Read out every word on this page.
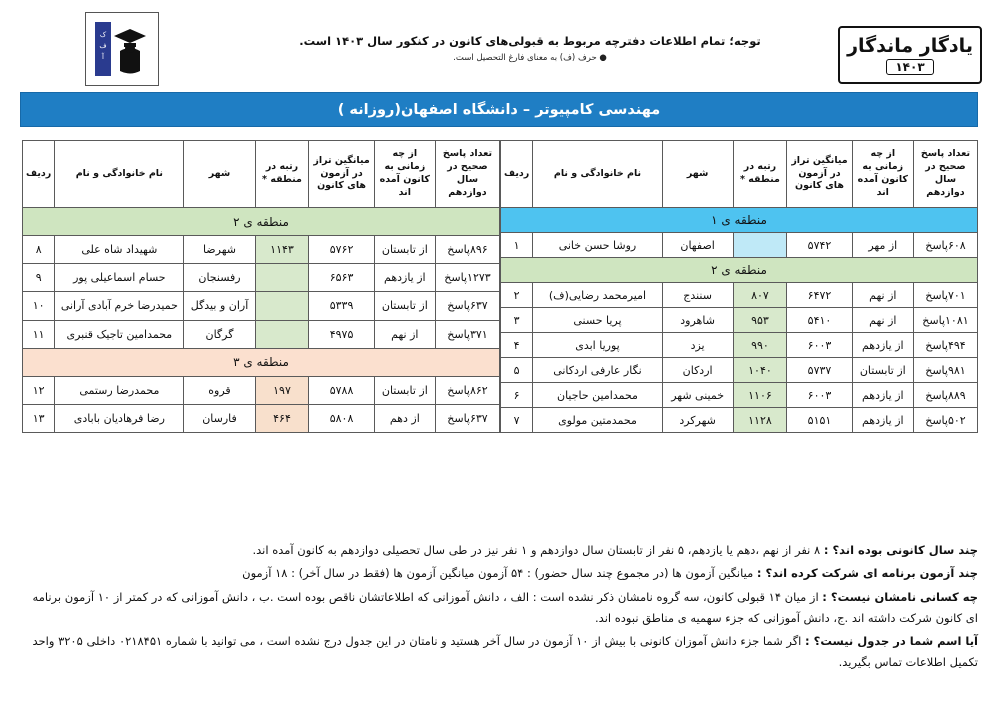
ک
ف
آ
توجه؛ تمام اطلاعات دفترچه مربوط به قبولی‌های کانون در کنکور سال ۱۴۰۳ است.
● حرف (ف) به معنای فارغ التحصیل است.
یادگار ماندگار
۱۴۰۳
مهندسی کامپیوتر – دانشگاه اصفهان(روزانه )
تعداد پاسخ صحیح در سال دوازدهم	از چه زمانی به کانون آمده اند	میانگین تراز در آزمون های کانون	رتبه در منطقه *	شهر	نام خانوادگی و نام	ردیف
منطقه ی ۱						
۶۰۸پاسخ	از مهر	۵۷۴۲		اصفهان	روشا حسن خانی	۱
منطقه ی ۲						
۷۰۱پاسخ	از نهم	۶۴۷۲	۸۰۷	سنندج	امیرمحمد رضایی(ف)	۲
۱۰۸۱پاسخ	از نهم	۵۴۱۰	۹۵۳	شاهرود	پریا حسنی	۳
۴۹۴پاسخ	از یازدهم	۶۰۰۳	۹۹۰	یزد	پوریا ابدی	۴
۹۸۱پاسخ	از تابستان	۵۷۳۷	۱۰۴۰	اردکان	نگار عارفی اردکانی	۵
۸۸۹پاسخ	از یازدهم	۶۰۰۳	۱۱۰۶	خمینی شهر	محمدامین حاجیان	۶
۵۰۲پاسخ	از یازدهم	۵۱۵۱	۱۱۲۸	شهرکرد	محمدمتین مولوی	۷
تعداد پاسخ صحیح در سال دوازدهم	از چه زمانی به کانون آمده اند	میانگین تراز در آزمون های کانون	رتبه در منطقه *	شهر	نام خانوادگی و نام	ردیف
منطقه ی ۲						
۸۹۶پاسخ	از تابستان	۵۷۶۲	۱۱۴۳	شهرضا	شهیداد شاه علی	۸
۱۲۷۳پاسخ	از یازدهم	۶۵۶۳		رفسنجان	حسام اسماعیلی پور	۹
۶۳۷پاسخ	از تابستان	۵۳۳۹		آران و بیدگل	حمیدرضا خرم آبادی آرانی	۱۰
۳۷۱پاسخ	از نهم	۴۹۷۵		گرگان	محمدامین تاجیک قنبری	۱۱
منطقه ی ۳						
۸۶۲پاسخ	از تابستان	۵۷۸۸	۱۹۷	قروه	محمدرضا رستمی	۱۲
۶۳۷پاسخ	از دهم	۵۸۰۸	۴۶۴	فارسان	رضا فرهادیان بابادی	۱۳

چند سال کانونی بوده اند؟ : ۸ نفر از نهم ،دهم یا یازدهم، ۵ نفر از تابستان سال دوازدهم و ۱ نفر نیز در طی سال تحصیلی دوازدهم به کانون آمده اند.

چند آزمون برنامه ای شرکت کرده اند؟ : میانگین آزمون ها (در مجموع چند سال حضور) : ۵۴ آزمون میانگین آزمون ها (فقط در سال آخر) : ۱۸ آزمون

چه کسانی نامشان نیست؟ : از میان ۱۴ قبولی کانون، سه گروه نامشان ذکر نشده است : الف ، دانش آموزانی که اطلاعاتشان ناقص بوده است .ب ، دانش آموزانی که در کمتر از ۱۰ آزمون برنامه ای کانون شرکت داشته اند .ج، دانش آموزانی که جزء سهمیه ی مناطق نبوده اند.

آیا اسم شما در جدول نیست؟ : اگر شما جزء دانش آموزان کانونی با بیش از ۱۰ آزمون در سال آخر هستید و نامتان در این جدول درج نشده است ، می توانید با شماره ۰۲۱۸۴۵۱ داخلی ۳۲۰۵ واحد تکمیل اطلاعات تماس بگیرید.
